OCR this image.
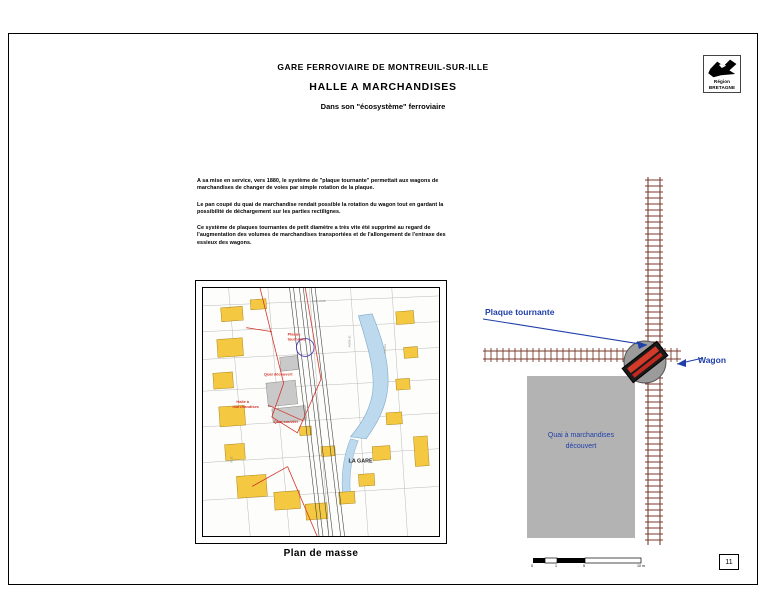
GARE FERROVIAIRE DE MONTREUIL-SUR-ILLE
HALLE A MARCHANDISES
Dans son "écosystème" ferroviaire
Région
BRETAGNE
A sa mise en service, vers 1880, le système de "plaque tournante" permettait aux wagons de marchandises de changer de voies par simple rotation de la plaque.
Le pan coupé du quai de marchandise rendait possible la rotation du wagon tout en gardant la possibilité de déchargement sur les parties rectilignes.
Ce système de plaques tournantes de petit diamètre a très vite été supprimé au regard de l'augmentation des volumes de marchandises transportées et de l'allongement de l'entraxe des essieux des wagons.
Plaque
tournante
Quai découvert
Halle à
marchandises
Quai couvert
LA GARE
RUE
AVENUE
CANAL
SQUARE
Plan de masse
Quai à marchandises
découvert
Plaque tournante
Wagon
0	1	5	10 m
11
